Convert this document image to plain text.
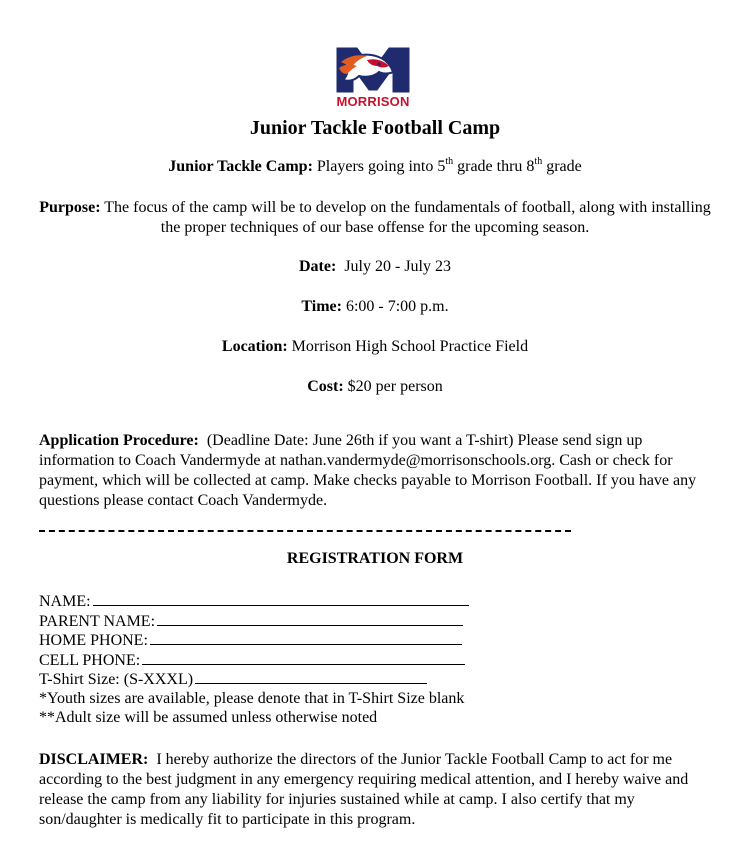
MORRISON
Junior Tackle Football Camp
Junior Tackle Camp: Players going into 5th grade thru 8th grade
Purpose: The focus of the camp will be to develop on the fundamentals of football, along with installing the proper techniques of our base offense for the upcoming season.
Date: July 20 - July 23
Time: 6:00 - 7:00 p.m.
Location: Morrison High School Practice Field
Cost: $20 per person
Application Procedure: (Deadline Date: June 26th if you want a T-shirt) Please send sign up information to Coach Vandermyde at nathan.vandermyde@morrisonschools.org. Cash or check for payment, which will be collected at camp. Make checks payable to Morrison Football. If you have any questions please contact Coach Vandermyde.
REGISTRATION FORM
NAME:
PARENT NAME:
HOME PHONE:
CELL PHONE:
T-Shirt Size: (S-XXXL)
*Youth sizes are available, please denote that in T-Shirt Size blank
**Adult size will be assumed unless otherwise noted
DISCLAIMER: I hereby authorize the directors of the Junior Tackle Football Camp to act for me according to the best judgment in any emergency requiring medical attention, and I hereby waive and release the camp from any liability for injuries sustained while at camp. I also certify that my son/daughter is medically fit to participate in this program.
